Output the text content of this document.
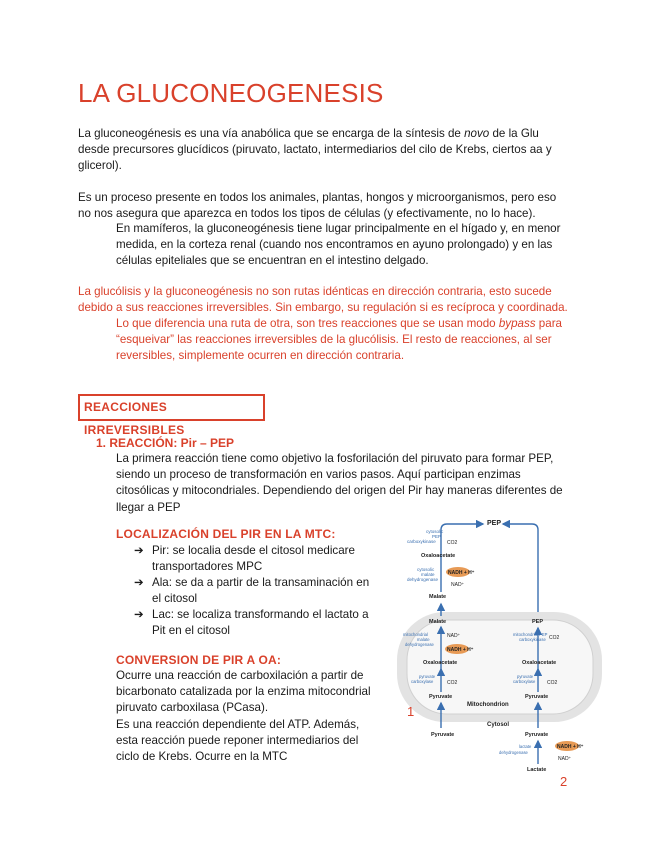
LA GLUCONEOGENESIS
La gluconeogénesis es una vía anabólica que se encarga de la síntesis de novo de la Glu
desde precursores glucídicos (piruvato, lactato, intermediarios del cilo de Krebs, ciertos aa y
glicerol).
Es un proceso presente en todos los animales, plantas, hongos y microorganismos, pero eso
no nos asegura que aparezca en todos los tipos de células (y efectivamente, no lo hace).
En mamíferos, la gluconeogénesis tiene lugar principalmente en el hígado y, en menor
medida, en la corteza renal (cuando nos encontramos en ayuno prolongado) y en las
células epiteliales que se encuentran en el intestino delgado.
La glucólisis y la gluconeogénesis no son rutas idénticas en dirección contraria, esto sucede
debido a sus reacciones irreversibles. Sin embargo, su regulación si es recíproca y coordinada.
Lo que diferencia una ruta de otra, son tres reacciones que se usan modo bypass para
“esqueivar” las reacciones irreversibles de la glucólisis. El resto de reacciones, al ser
reversibles, simplemente ocurren en dirección contraria.
REACCIONES IRREVERSIBLES
1. REACCIÓN: Pir – PEP
La primera reacción tiene como objetivo la fosforilación del piruvato para formar PEP,
siendo un proceso de transformación en varios pasos. Aquí participan enzimas
citosólicas y mitocondriales. Dependiendo del origen del Pir hay maneras diferentes de
llegar a PEP
LOCALIZACIÓN DEL PIR EN LA MTC:
➔ Pir: se localia desde el citosol medicare
transportadores MPC
➔ Ala: se da a partir de la transaminación en
el citosol
➔ Lac: se localiza transformando el lactato a
Pit en el citosol
CONVERSION DE PIR A OA:
Ocurre una reacción de carboxilación a partir de
bicarbonato catalizada por la enzima mitocondrial
piruvato carboxilasa (PCasa).
Es una reacción dependiente del ATP. Además,
esta reacción puede reponer intermediarios del
ciclo de Krebs. Ocurre en la MTC
PEP
cytosolic
PEP
carboxykinase CO2
Oxaloacetate
cytosolic
malate
dehydrogenase
NADH + H⁺
NAD⁺
Malate
Malate	PEP
mitochondrial
malate
dehydrogenase
NAD⁺
NADH + H⁺
mitochondrial PEP
carboxykinase CO2
Oxaloacetate	Oxaloacetate
pyruvate
carboxylase	CO2
pyruvate
carboxylase CO2
Pyruvate	Pyruvate
Mitochondrion
Cytosol
Pyruvate	Pyruvate
lactate
dehydrogenase
NADH + H⁺
NAD⁺
Lactate
1
2
